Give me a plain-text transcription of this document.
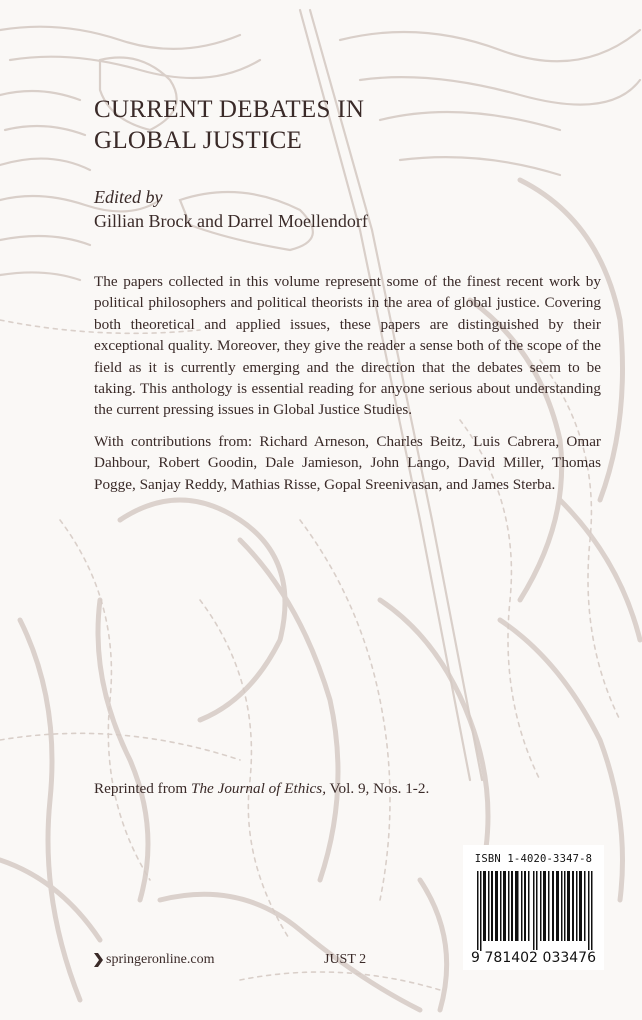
CURRENT DEBATES IN
GLOBAL JUSTICE
Edited by
Gillian Brock and Darrel Moellendorf

The papers collected in this volume represent some of the finest recent work by political philosophers and political theorists in the area of global justice. Covering both theoretical and applied issues, these papers are distinguished by their exceptional quality. Moreover, they give the reader a sense both of the scope of the field as it is currently emerging and the direction that the debates seem to be taking. This anthology is essential reading for anyone serious about understanding the current pressing issues in Global Justice Studies.

With contributions from: Richard Arneson, Charles Beitz, Luis Cabrera, Omar Dahbour, Robert Goodin, Dale Jamieson, John Lango, David Miller, Thomas Pogge, Sanjay Reddy, Mathias Risse, Gopal Sreenivasan, and James Sterba.

Reprinted from The Journal of Ethics, Vol. 9, Nos. 1-2.

springeronline.com	JUST 2
ISBN 1-4020-3347-8
9 781402 033476
